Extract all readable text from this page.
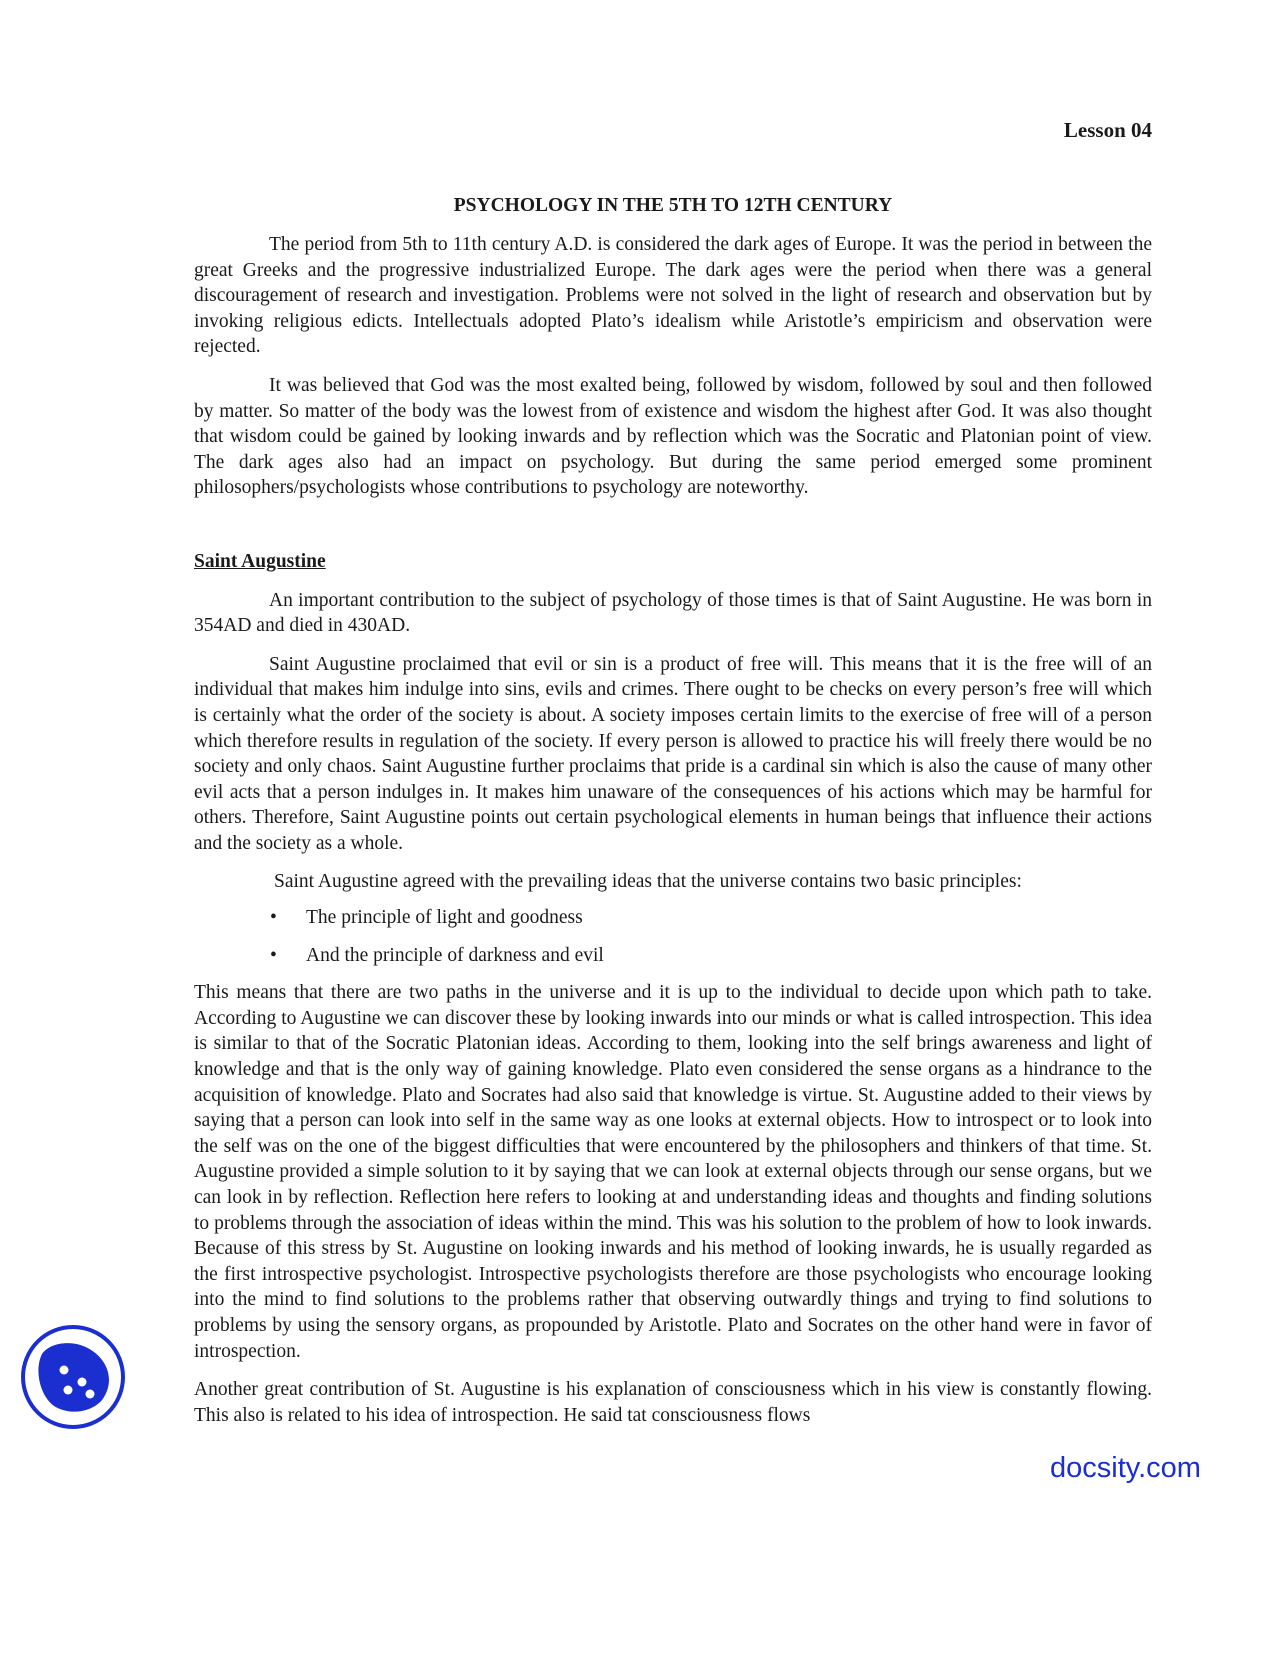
Lesson 04
PSYCHOLOGY IN THE 5TH TO 12TH CENTURY

The period from 5th to 11th century A.D. is considered the dark ages of Europe. It was the period in between the great Greeks and the progressive industrialized Europe. The dark ages were the period when there was a general discouragement of research and investigation. Problems were not solved in the light of research and observation but by invoking religious edicts. Intellectuals adopted Plato’s idealism while Aristotle’s empiricism and observation were rejected.

It was believed that God was the most exalted being, followed by wisdom, followed by soul and then followed by matter. So matter of the body was the lowest from of existence and wisdom the highest after God. It was also thought that wisdom could be gained by looking inwards and by reflection which was the Socratic and Platonian point of view. The dark ages also had an impact on psychology. But during the same period emerged some prominent philosophers/psychologists whose contributions to psychology are noteworthy.

Saint Augustine

An important contribution to the subject of psychology of those times is that of Saint Augustine. He was born in 354AD and died in 430AD.

Saint Augustine proclaimed that evil or sin is a product of free will. This means that it is the free will of an individual that makes him indulge into sins, evils and crimes. There ought to be checks on every person’s free will which is certainly what the order of the society is about. A society imposes certain limits to the exercise of free will of a person which therefore results in regulation of the society. If every person is allowed to practice his will freely there would be no society and only chaos. Saint Augustine further proclaims that pride is a cardinal sin which is also the cause of many other evil acts that a person indulges in. It makes him unaware of the consequences of his actions which may be harmful for others. Therefore, Saint Augustine points out certain psychological elements in human beings that influence their actions and the society as a whole.

Saint Augustine agreed with the prevailing ideas that the universe contains two basic principles:

• The principle of light and goodness
• And the principle of darkness and evil

This means that there are two paths in the universe and it is up to the individual to decide upon which path to take. According to Augustine we can discover these by looking inwards into our minds or what is called introspection. This idea is similar to that of the Socratic Platonian ideas. According to them, looking into the self brings awareness and light of knowledge and that is the only way of gaining knowledge. Plato even considered the sense organs as a hindrance to the acquisition of knowledge. Plato and Socrates had also said that knowledge is virtue. St. Augustine added to their views by saying that a person can look into self in the same way as one looks at external objects. How to introspect or to look into the self was on the one of the biggest difficulties that were encountered by the philosophers and thinkers of that time. St. Augustine provided a simple solution to it by saying that we can look at external objects through our sense organs, but we can look in by reflection. Reflection here refers to looking at and understanding ideas and thoughts and finding solutions to problems through the association of ideas within the mind. This was his solution to the problem of how to look inwards. Because of this stress by St. Augustine on looking inwards and his method of looking inwards, he is usually regarded as the first introspective psychologist. Introspective psychologists therefore are those psychologists who encourage looking into the mind to find solutions to the problems rather that observing outwardly things and trying to find solutions to problems by using the sensory organs, as propounded by Aristotle. Plato and Socrates on the other hand were in favor of introspection.

Another great contribution of St. Augustine is his explanation of consciousness which in his view is constantly flowing. This also is related to his idea of introspection. He said tat consciousness flows

docsity.com
